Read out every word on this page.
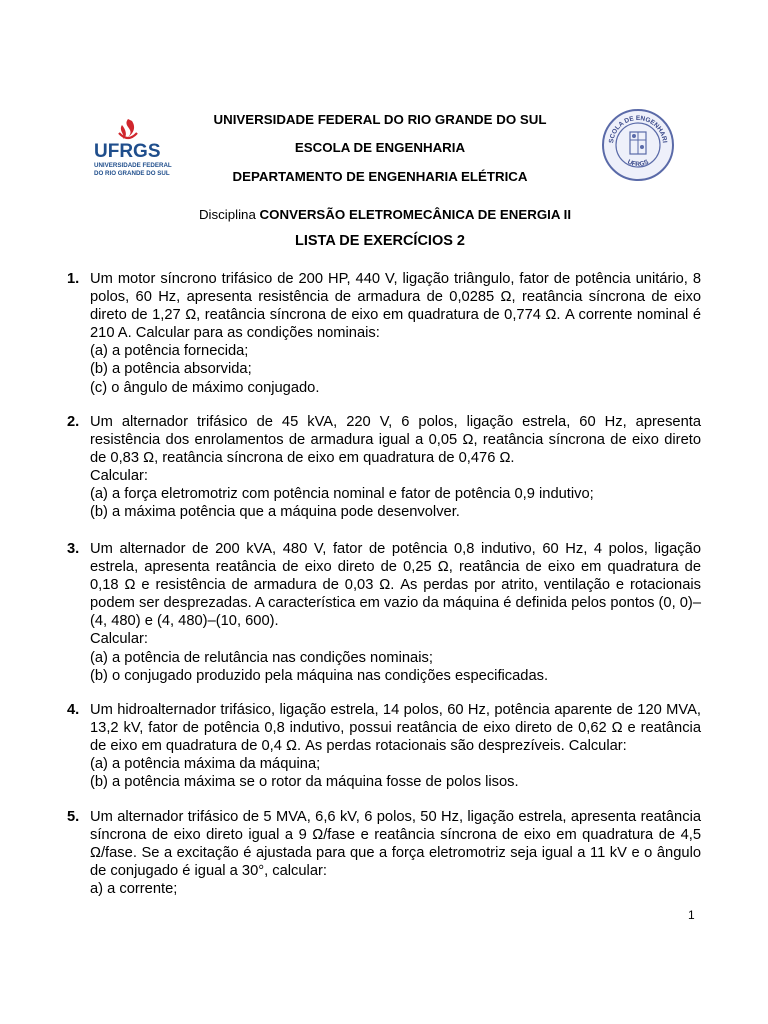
UFRGS
UNIVERSIDADE FEDERAL
DO RIO GRANDE DO SUL
SCOLA DE ENGENHARI
UFRGS
UNIVERSIDADE FEDERAL DO RIO GRANDE DO SUL
ESCOLA DE ENGENHARIA
DEPARTAMENTO DE ENGENHARIA ELÉTRICA
Disciplina CONVERSÃO ELETROMECÂNICA DE ENERGIA II
LISTA DE EXERCÍCIOS 2
1. Um motor síncrono trifásico de 200 HP, 440 V, ligação triângulo, fator de potência unitário, 8 polos, 60 Hz, apresenta resistência de armadura de 0,0285 Ω, reatância síncrona de eixo direto de 1,27 Ω, reatância síncrona de eixo em quadratura de 0,774 Ω. A corrente nominal é 210 A. Calcular para as condições nominais:

(a) a potência fornecida;

(b) a potência absorvida;

(c) o ângulo de máximo conjugado.

2. Um alternador trifásico de 45 kVA, 220 V, 6 polos, ligação estrela, 60 Hz, apresenta resistência dos enrolamentos de armadura igual a 0,05 Ω, reatância síncrona de eixo direto de 0,83 Ω, reatância síncrona de eixo em quadratura de 0,476 Ω.

Calcular:

(a) a força eletromotriz com potência nominal e fator de potência 0,9 indutivo;

(b) a máxima potência que a máquina pode desenvolver.

3. Um alternador de 200 kVA, 480 V, fator de potência 0,8 indutivo, 60 Hz, 4 polos, ligação estrela, apresenta reatância de eixo direto de 0,25 Ω, reatância de eixo em quadratura de 0,18 Ω e resistência de armadura de 0,03 Ω. As perdas por atrito, ventilação e rotacionais podem ser desprezadas. A característica em vazio da máquina é definida pelos pontos (0, 0)–(4, 480) e (4, 480)–(10, 600).

Calcular:

(a) a potência de relutância nas condições nominais;

(b) o conjugado produzido pela máquina nas condições especificadas.

4. Um hidroalternador trifásico, ligação estrela, 14 polos, 60 Hz, potência aparente de 120 MVA, 13,2 kV, fator de potência 0,8 indutivo, possui reatância de eixo direto de 0,62 Ω e reatância de eixo em quadratura de 0,4 Ω. As perdas rotacionais são desprezíveis. Calcular:

(a) a potência máxima da máquina;

(b) a potência máxima se o rotor da máquina fosse de polos lisos.

5. Um alternador trifásico de 5 MVA, 6,6 kV, 6 polos, 50 Hz, ligação estrela, apresenta reatância síncrona de eixo direto igual a 9 Ω/fase e reatância síncrona de eixo em quadratura de 4,5 Ω/fase. Se a excitação é ajustada para que a força eletromotriz seja igual a 11 kV e o ângulo de conjugado é igual a 30°, calcular:

a) a corrente;

1
